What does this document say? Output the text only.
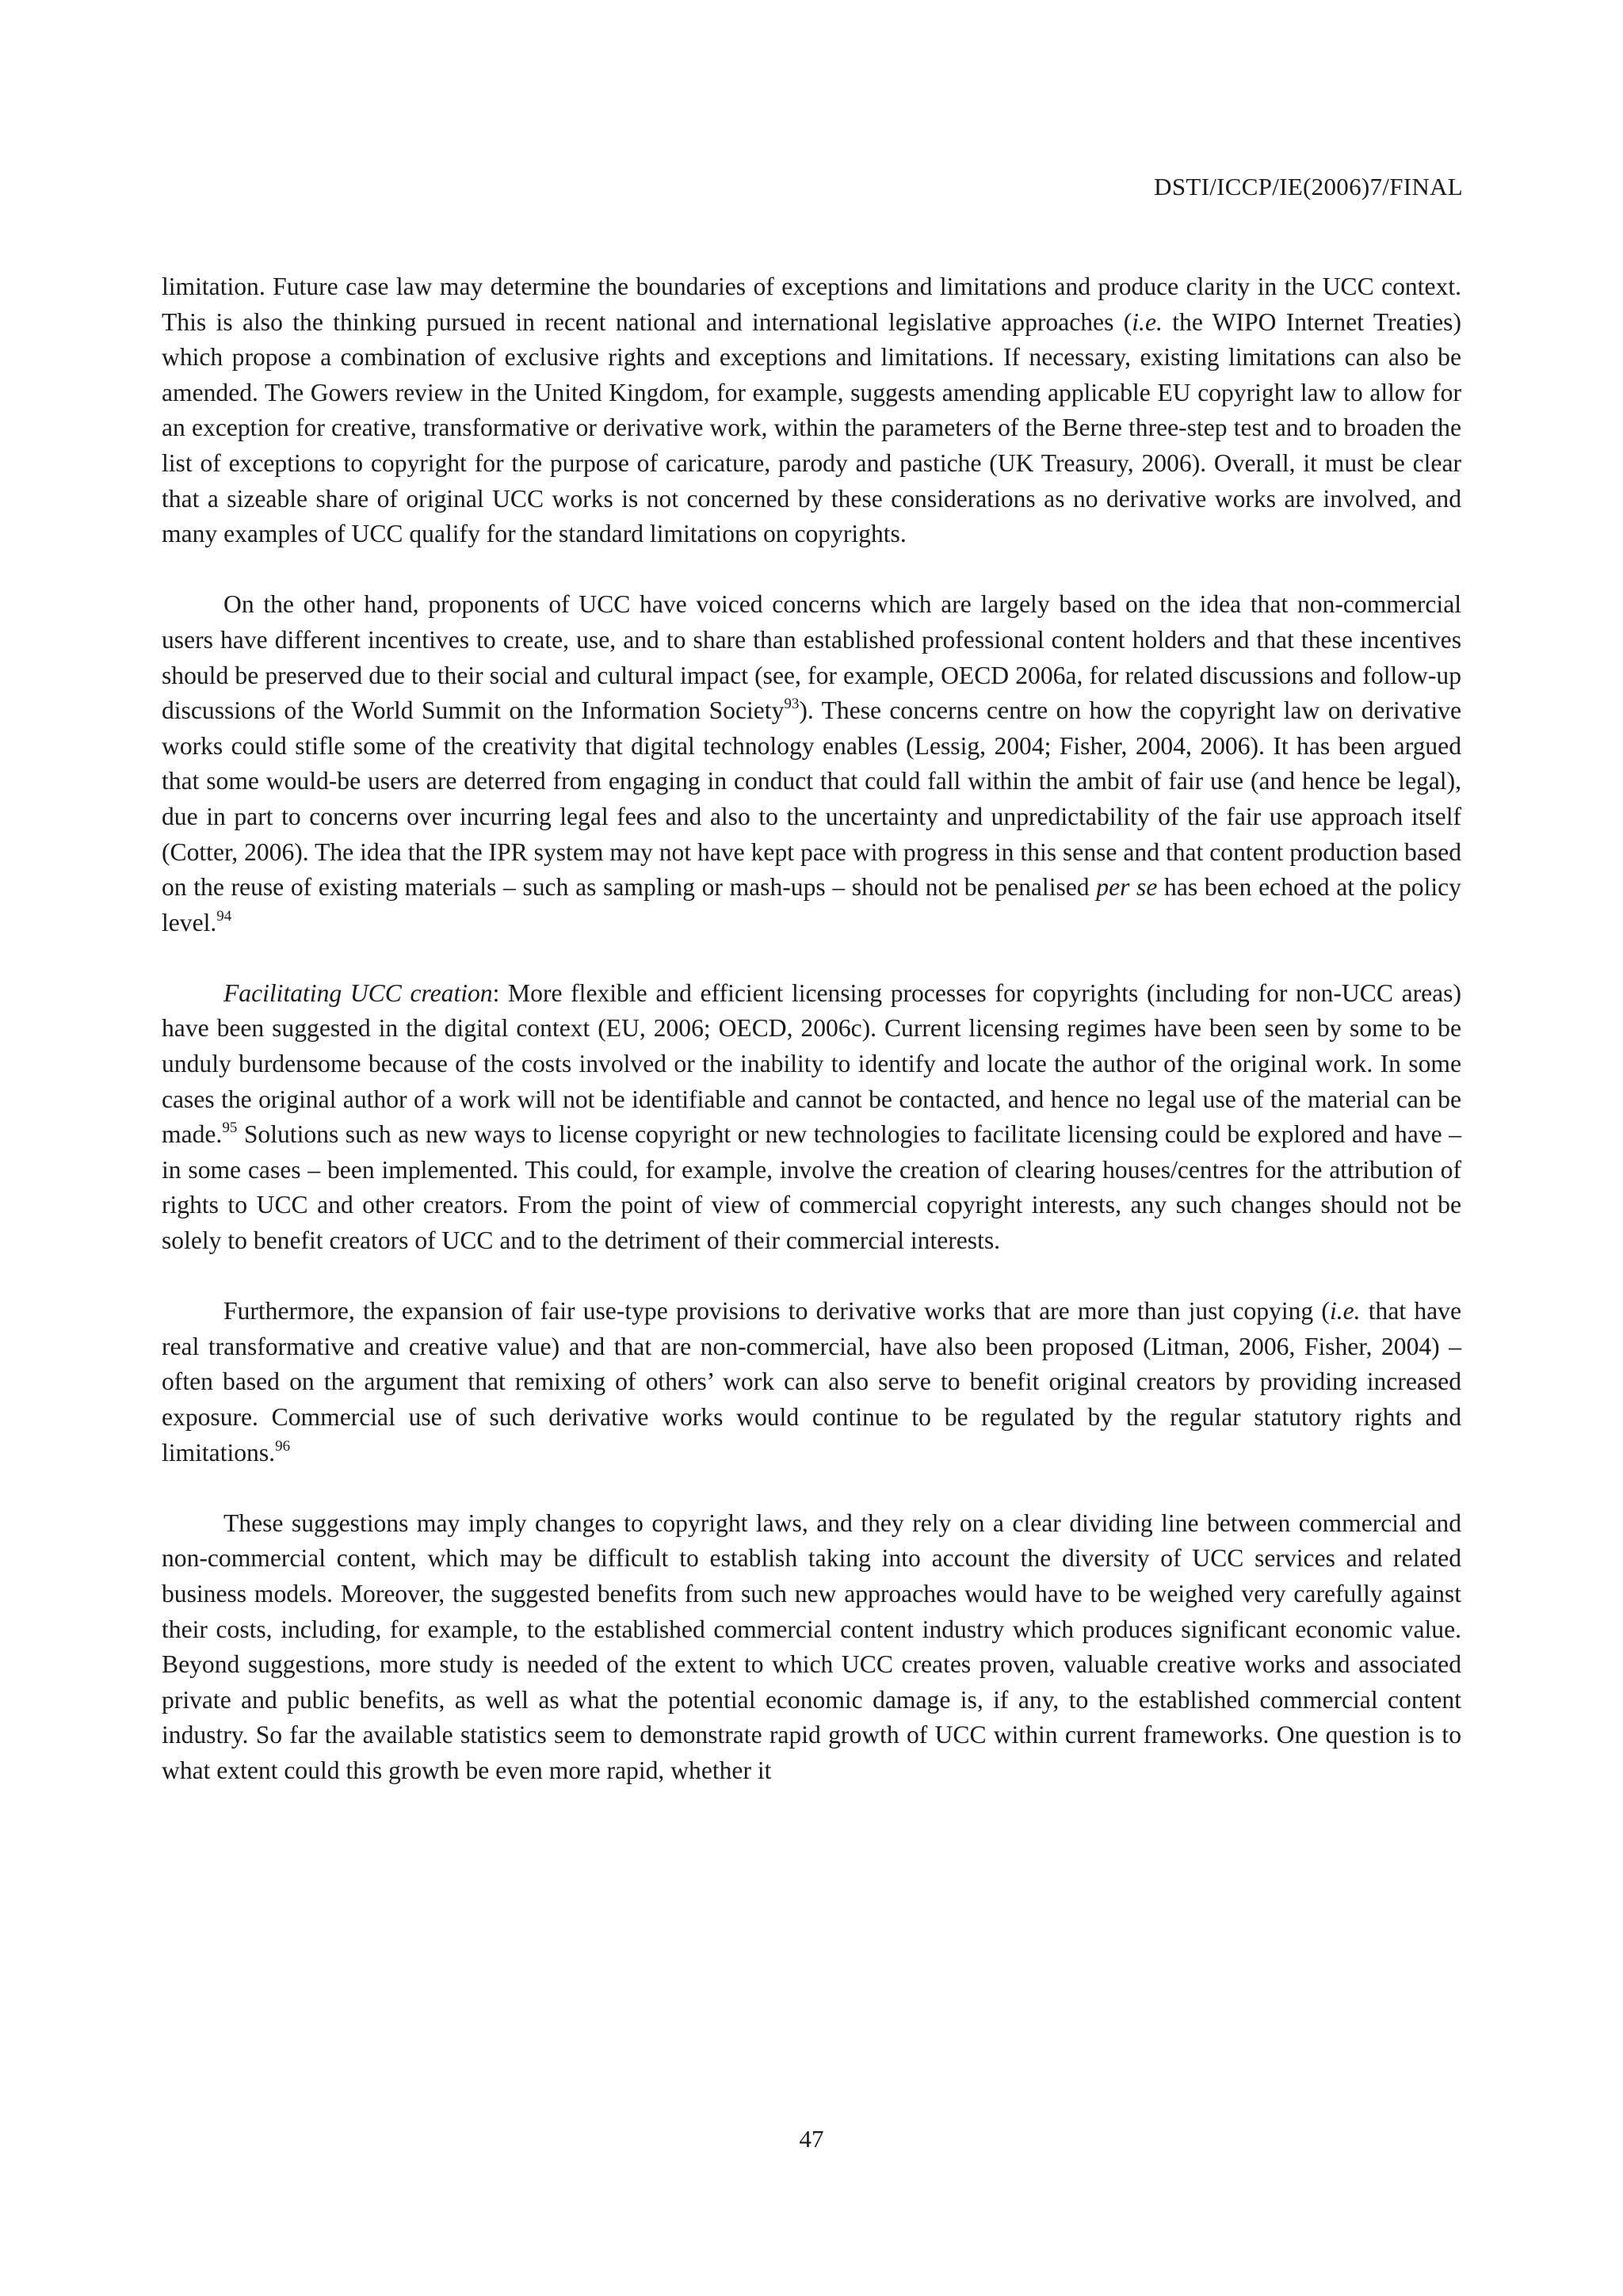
DSTI/ICCP/IE(2006)7/FINAL

limitation. Future case law may determine the boundaries of exceptions and limitations and produce clarity in the UCC context. This is also the thinking pursued in recent national and international legislative approaches (i.e. the WIPO Internet Treaties) which propose a combination of exclusive rights and exceptions and limitations. If necessary, existing limitations can also be amended. The Gowers review in the United Kingdom, for example, suggests amending applicable EU copyright law to allow for an exception for creative, transformative or derivative work, within the parameters of the Berne three-step test and to broaden the list of exceptions to copyright for the purpose of caricature, parody and pastiche (UK Treasury, 2006). Overall, it must be clear that a sizeable share of original UCC works is not concerned by these considerations as no derivative works are involved, and many examples of UCC qualify for the standard limitations on copyrights.

On the other hand, proponents of UCC have voiced concerns which are largely based on the idea that non-commercial users have different incentives to create, use, and to share than established professional content holders and that these incentives should be preserved due to their social and cultural impact (see, for example, OECD 2006a, for related discussions and follow-up discussions of the World Summit on the Information Society$^{93}$). These concerns centre on how the copyright law on derivative works could stifle some of the creativity that digital technology enables (Lessig, 2004; Fisher, 2004, 2006). It has been argued that some would-be users are deterred from engaging in conduct that could fall within the ambit of fair use (and hence be legal), due in part to concerns over incurring legal fees and also to the uncertainty and unpredictability of the fair use approach itself (Cotter, 2006). The idea that the IPR system may not have kept pace with progress in this sense and that content production based on the reuse of existing materials – such as sampling or mash-ups – should not be penalised per se has been echoed at the policy level.$^{94}$

Facilitating UCC creation: More flexible and efficient licensing processes for copyrights (including for non-UCC areas) have been suggested in the digital context (EU, 2006; OECD, 2006c). Current licensing regimes have been seen by some to be unduly burdensome because of the costs involved or the inability to identify and locate the author of the original work. In some cases the original author of a work will not be identifiable and cannot be contacted, and hence no legal use of the material can be made.$^{95}$ Solutions such as new ways to license copyright or new technologies to facilitate licensing could be explored and have – in some cases – been implemented. This could, for example, involve the creation of clearing houses/centres for the attribution of rights to UCC and other creators. From the point of view of commercial copyright interests, any such changes should not be solely to benefit creators of UCC and to the detriment of their commercial interests.

Furthermore, the expansion of fair use-type provisions to derivative works that are more than just copying (i.e. that have real transformative and creative value) and that are non-commercial, have also been proposed (Litman, 2006, Fisher, 2004) – often based on the argument that remixing of others’ work can also serve to benefit original creators by providing increased exposure. Commercial use of such derivative works would continue to be regulated by the regular statutory rights and limitations.$^{96}$

These suggestions may imply changes to copyright laws, and they rely on a clear dividing line between commercial and non-commercial content, which may be difficult to establish taking into account the diversity of UCC services and related business models. Moreover, the suggested benefits from such new approaches would have to be weighed very carefully against their costs, including, for example, to the established commercial content industry which produces significant economic value. Beyond suggestions, more study is needed of the extent to which UCC creates proven, valuable creative works and associated private and public benefits, as well as what the potential economic damage is, if any, to the established commercial content industry. So far the available statistics seem to demonstrate rapid growth of UCC within current frameworks. One question is to what extent could this growth be even more rapid, whether it

47
